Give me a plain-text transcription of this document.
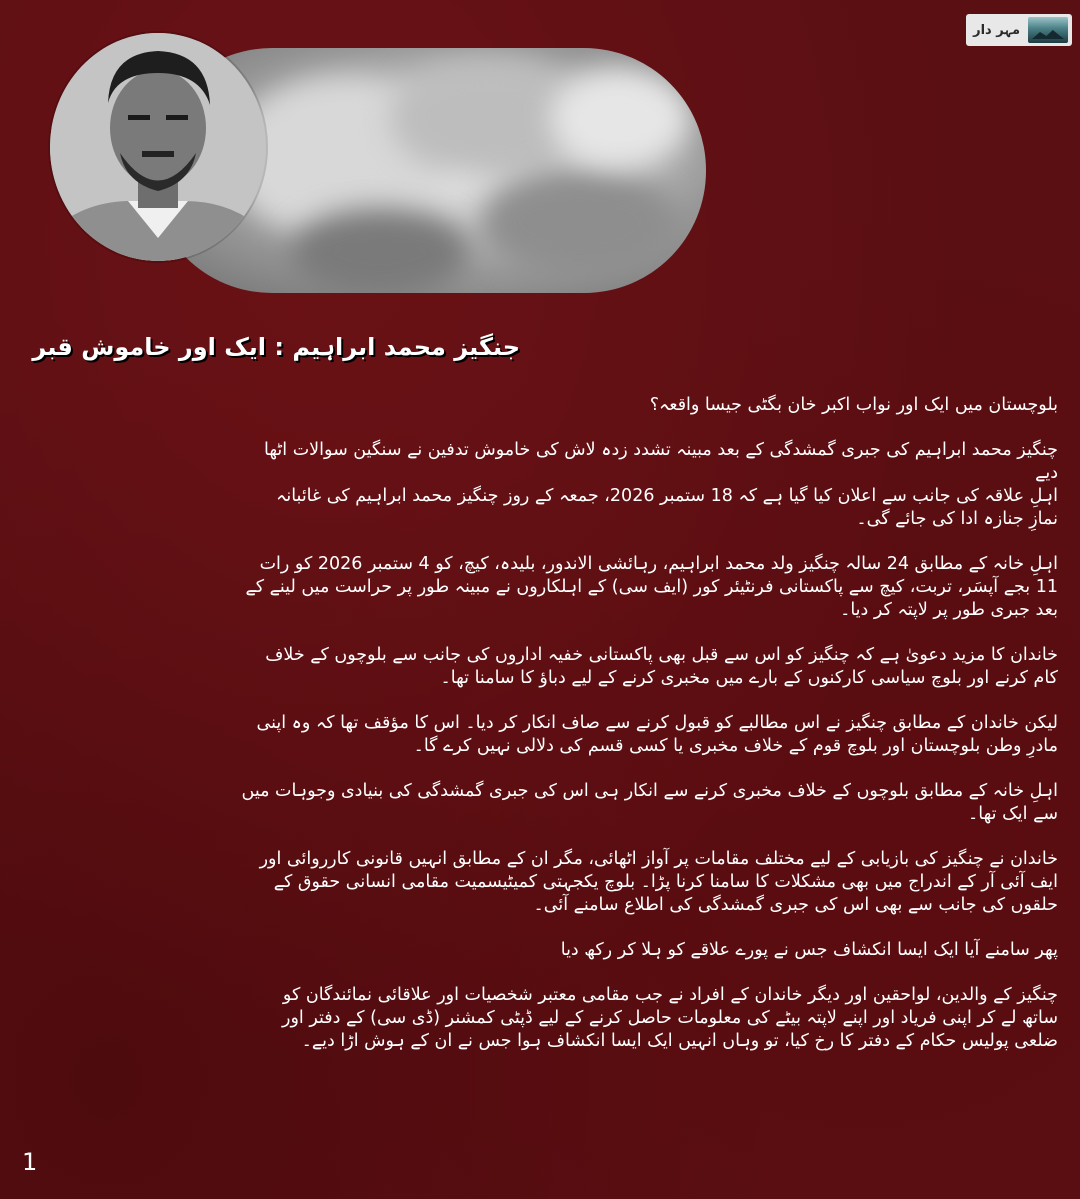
مہر دار
جنگیز محمد ابراہیم : ایک اور خاموش قبر

بلوچستان میں ایک اور نواب اکبر خان بگٹی جیسا واقعہ؟

چنگیز محمد ابراہیم کی جبری گمشدگی کے بعد مبینہ تشدد زدہ لاش کی خاموش تدفین نے سنگین سوالات اٹھا
دیے
اہلِ علاقہ کی جانب سے اعلان کیا گیا ہے کہ 18 ستمبر 2026، جمعہ کے روز چنگیز محمد ابراہیم کی غائبانہ
نمازِ جنازہ ادا کی جائے گی۔

اہلِ خانہ کے مطابق 24 سالہ چنگیز ولد محمد ابراہیم، رہائشی الاندور، بلیدہ، کیچ، کو 4 ستمبر 2026 کو رات
11 بجے آپسَر، تربت، کیچ سے پاکستانی فرنٹیئر کور (ایف سی) کے اہلکاروں نے مبینہ طور پر حراست میں لینے کے
بعد جبری طور پر لاپتہ کر دیا۔

خاندان کا مزید دعویٰ ہے کہ چنگیز کو اس سے قبل بھی پاکستانی خفیہ اداروں کی جانب سے بلوچوں کے خلاف
کام کرنے اور بلوچ سیاسی کارکنوں کے بارے میں مخبری کرنے کے لیے دباؤ کا سامنا تھا۔

لیکن خاندان کے مطابق چنگیز نے اس مطالبے کو قبول کرنے سے صاف انکار کر دیا۔ اس کا مؤقف تھا کہ وہ اپنی
مادرِ وطن بلوچستان اور بلوچ قوم کے خلاف مخبری یا کسی قسم کی دلالی نہیں کرے گا۔

اہلِ خانہ کے مطابق بلوچوں کے خلاف مخبری کرنے سے انکار ہی اس کی جبری گمشدگی کی بنیادی وجوہات میں
سے ایک تھا۔

خاندان نے چنگیز کی بازیابی کے لیے مختلف مقامات پر آواز اٹھائی، مگر ان کے مطابق انہیں قانونی کارروائی اور
ایف آئی آر کے اندراج میں بھی مشکلات کا سامنا کرنا پڑا۔ بلوچ یکجہتی کمیٹیسمیت مقامی انسانی حقوق کے
حلقوں کی جانب سے بھی اس کی جبری گمشدگی کی اطلاع سامنے آئی۔

پھر سامنے آیا ایک ایسا انکشاف جس نے پورے علاقے کو ہلا کر رکھ دیا

چنگیز کے والدین، لواحقین اور دیگر خاندان کے افراد نے جب مقامی معتبر شخصیات اور علاقائی نمائندگان کو
ساتھ لے کر اپنی فریاد اور اپنے لاپتہ بیٹے کی معلومات حاصل کرنے کے لیے ڈپٹی کمشنر (ڈی سی) کے دفتر اور
ضلعی پولیس حکام کے دفتر کا رخ کیا، تو وہاں انہیں ایک ایسا انکشاف ہوا جس نے ان کے ہوش اڑا دیے۔

1
